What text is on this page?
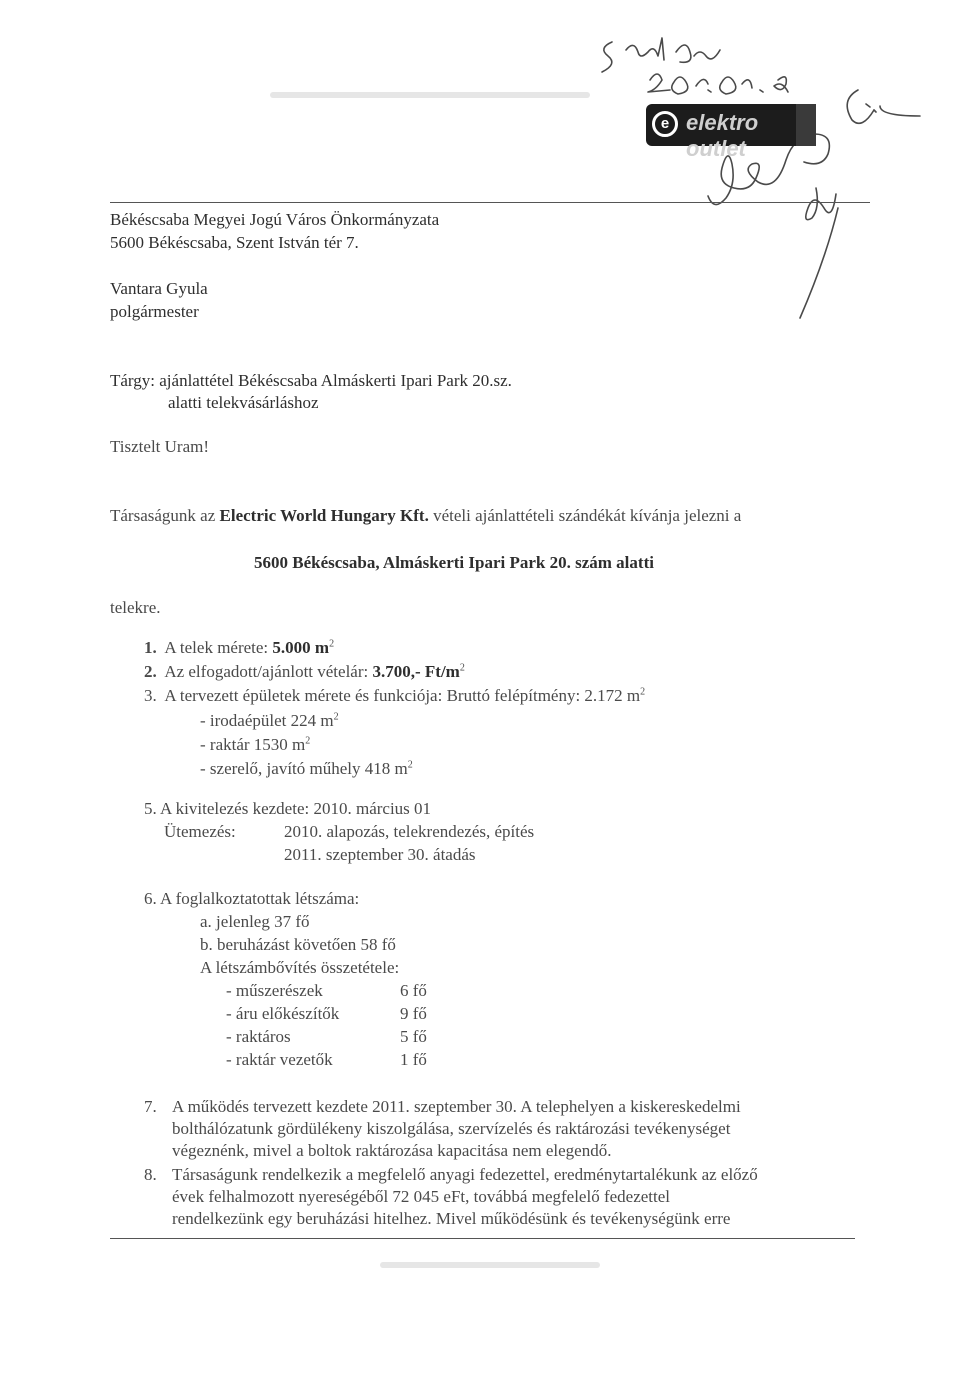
e elektro outlet
Békéscsaba Megyei Jogú Város Önkormányzata
5600 Békéscsaba, Szent István tér 7.
Vantara Gyula
polgármester
Tárgy: ajánlattétel Békéscsaba Almáskerti Ipari Park 20.sz.
alatti telekvásárláshoz
Tisztelt Uram!
Társaságunk az Electric World Hungary Kft. vételi ajánlattételi szándékát kívánja jelezni a
5600 Békéscsaba, Almáskerti Ipari Park 20. szám alatti
telekre.
1. A telek mérete: 5.000 $m^2$
2. Az elfogadott/ajánlott vételár: 3.700,- $Ft/m^2$
3. A tervezett épületek mérete és funkciója: Bruttó felépítmény: 2.172 $m^2$
- irodaépület 224 $m^2$
- raktár 1530 $m^2$
- szerelő, javító műhely 418 $m^2$
5. A kivitelezés kezdete: 2010. március 01
Ütemezés:	2010. alapozás, telekrendezés, építés
2011. szeptember 30. átadás
6. A foglalkoztatottak létszáma:
a. jelenleg 37 fő
b. beruházást követően 58 fő
A létszámbővítés összetétele:
- műszerészek	6 fő
- áru előkészítők	9 fő
- raktáros	5 fő
- raktár vezetők	1 fő
7. A működés tervezett kezdete 2011. szeptember 30. A telephelyen a kiskereskedelmi
bolthálózatunk gördülékeny kiszolgálása, szervízelés és raktározási tevékenységet
végeznénk, mivel a boltok raktározása kapacitása nem elegendő.
8. Társaságunk rendelkezik a megfelelő anyagi fedezettel, eredménytartalékunk az előző
évek felhalmozott nyereségéből 72 045 eFt, továbbá megfelelő fedezettel
rendelkezünk egy beruházási hitelhez. Mivel működésünk és tevékenységünk erre
